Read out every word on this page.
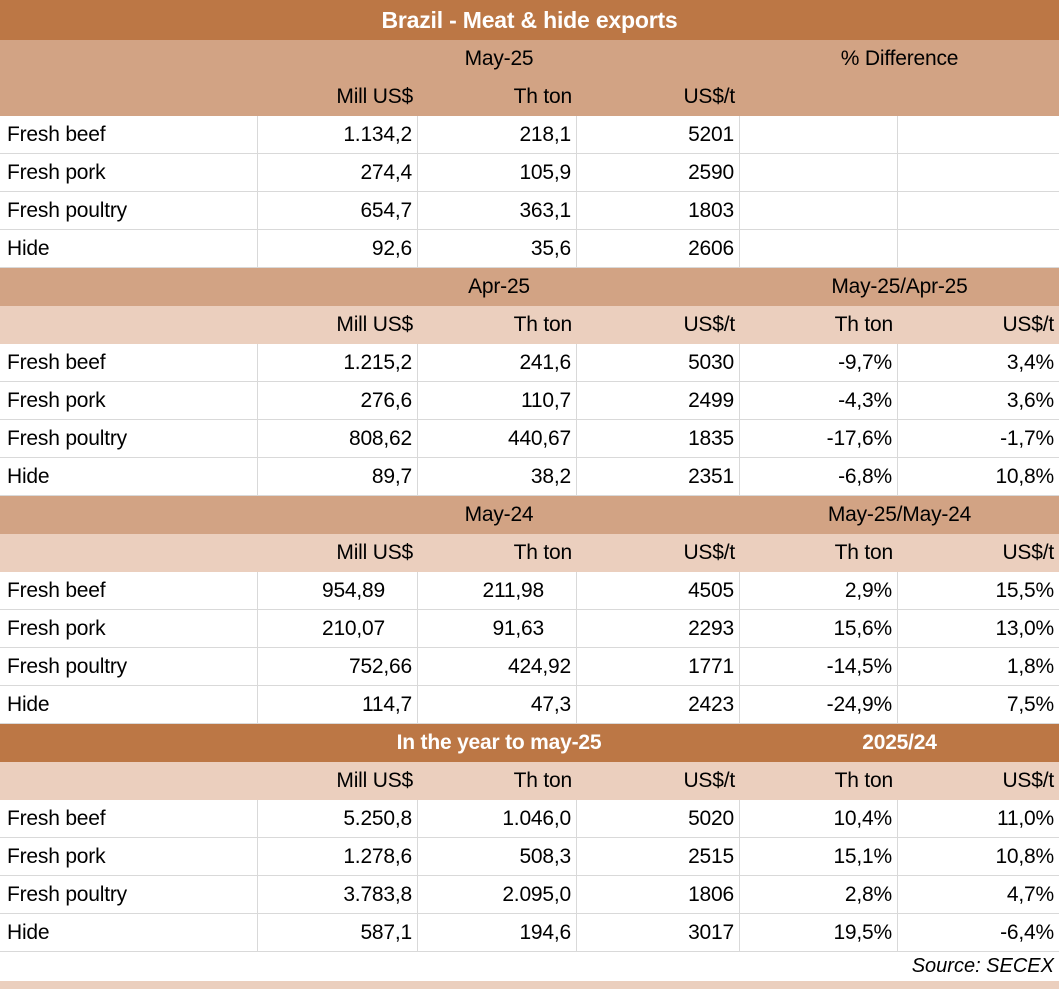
Brazil - Meat & hide exports
May-25	% Difference
Mill US$	Th ton	US$/t
Fresh beef	1.134,2	218,1	5201
Fresh pork	274,4	105,9	2590
Fresh poultry	654,7	363,1	1803
Hide	92,6	35,6	2606
Apr-25	May-25/Apr-25
Mill US$	Th ton	US$/t	Th ton	US$/t
Fresh beef	1.215,2	241,6	5030	-9,7%	3,4%
Fresh pork	276,6	110,7	2499	-4,3%	3,6%
Fresh poultry	808,62	440,67	1835	-17,6%	-1,7%
Hide	89,7	38,2	2351	-6,8%	10,8%
May-24	May-25/May-24
Mill US$	Th ton	US$/t	Th ton	US$/t
Fresh beef	954,89	211,98	4505	2,9%	15,5%
Fresh pork	210,07	91,63	2293	15,6%	13,0%
Fresh poultry	752,66	424,92	1771	-14,5%	1,8%
Hide	114,7	47,3	2423	-24,9%	7,5%
In the year to may-25	2025/24
Mill US$	Th ton	US$/t	Th ton	US$/t
Fresh beef	5.250,8	1.046,0	5020	10,4%	11,0%
Fresh pork	1.278,6	508,3	2515	15,1%	10,8%
Fresh poultry	3.783,8	2.095,0	1806	2,8%	4,7%
Hide	587,1	194,6	3017	19,5%	-6,4%
Source: SECEX
